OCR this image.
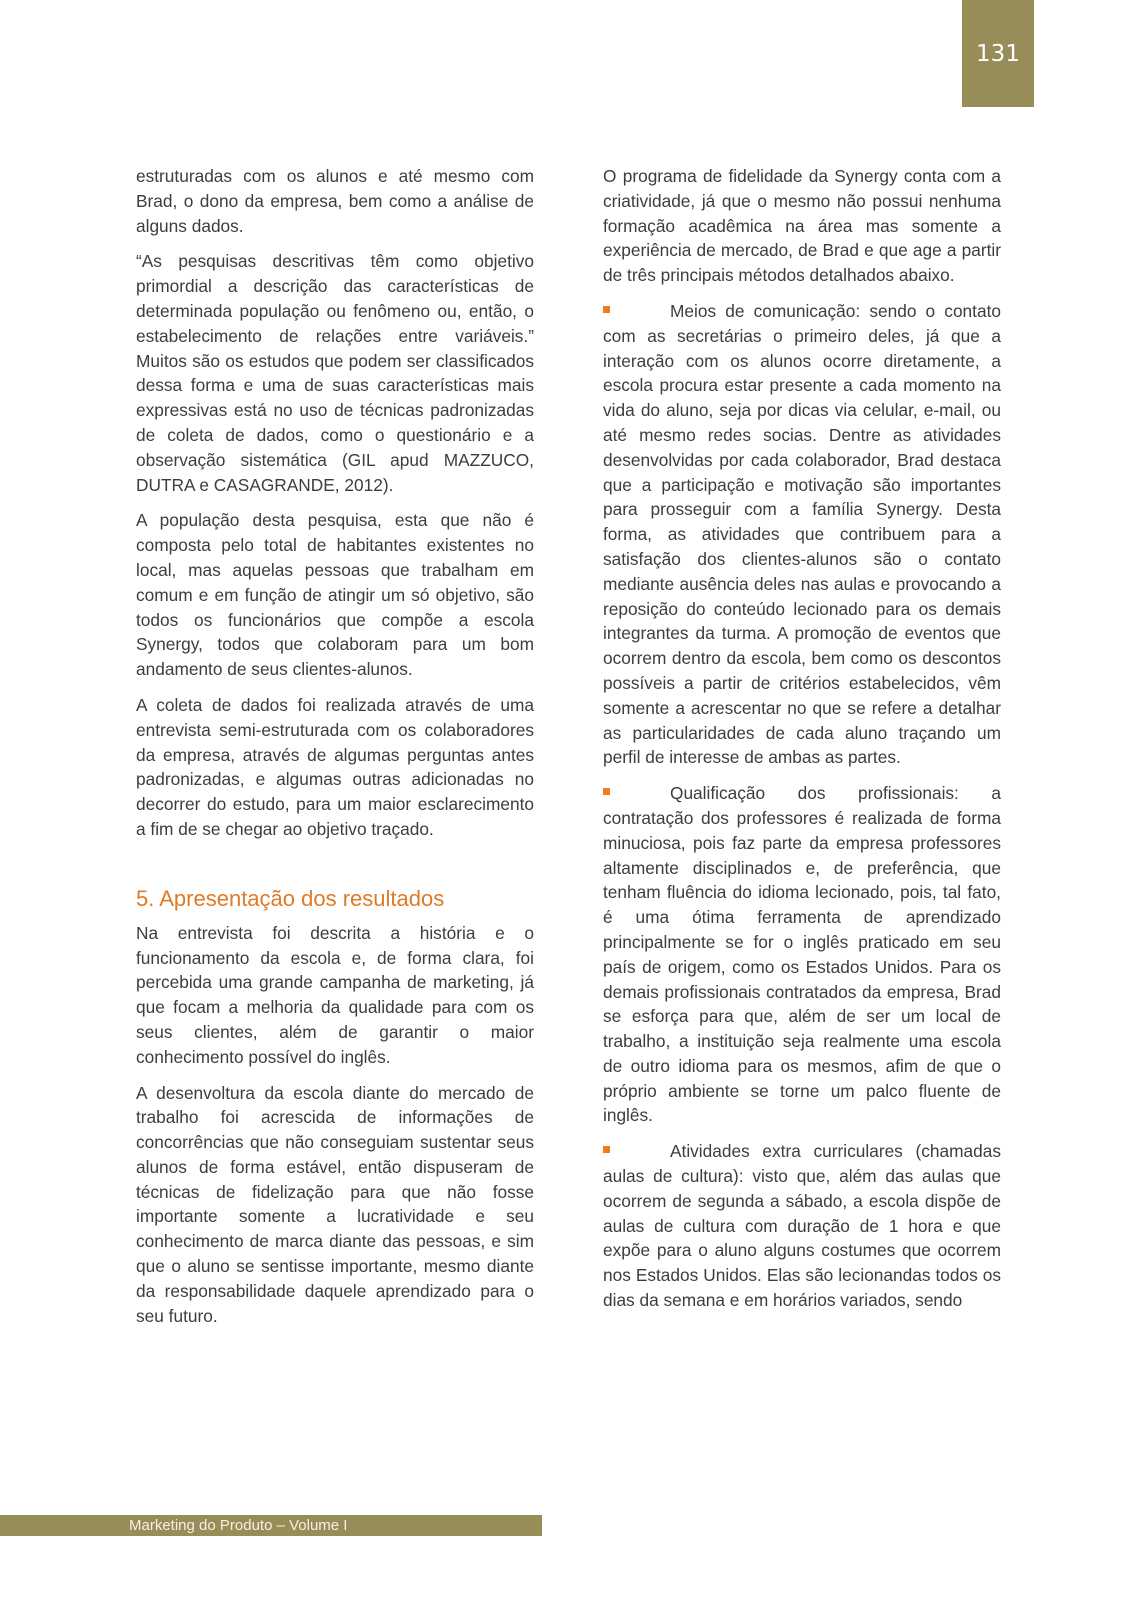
131

estruturadas com os alunos e até mesmo com Brad, o dono da empresa, bem como a análise de alguns dados.

“As pesquisas descritivas têm como objetivo primordial a descrição das características de determinada população ou fenômeno ou, então, o estabelecimento de relações entre variáveis.” Muitos são os estudos que podem ser classificados dessa forma e uma de suas características mais expressivas está no uso de técnicas padronizadas de coleta de dados, como o questionário e a observação sistemática (GIL apud MAZZUCO, DUTRA e CASAGRANDE, 2012).

A população desta pesquisa, esta que não é composta pelo total de habitantes existentes no local, mas aquelas pessoas que trabalham em comum e em função de atingir um só objetivo, são todos os funcionários que compõe a escola Synergy, todos que colaboram para um bom andamento de seus clientes-alunos.

A coleta de dados foi realizada através de uma entrevista semi-estruturada com os colaboradores da empresa, através de algumas perguntas antes padronizadas, e algumas outras adicionadas no decorrer do estudo, para um maior esclarecimento a fim de se chegar ao objetivo traçado.

5. Apresentação dos resultados

Na entrevista foi descrita a história e o funcionamento da escola e, de forma clara, foi percebida uma grande campanha de marketing, já que focam a melhoria da qualidade para com os seus clientes, além de garantir o maior conhecimento possível do inglês.

A desenvoltura da escola diante do mercado de trabalho foi acrescida de informações de concorrências que não conseguiam sustentar seus alunos de forma estável, então dispuseram de técnicas de fidelização para que não fosse importante somente a lucratividade e seu conhecimento de marca diante das pessoas, e sim que o aluno se sentisse importante, mesmo diante da responsabilidade daquele aprendizado para o seu futuro.

O programa de fidelidade da Synergy conta com a criatividade, já que o mesmo não possui nenhuma formação acadêmica na área mas somente a experiência de mercado, de Brad e que age a partir de três principais métodos detalhados abaixo.

Meios de comunicação: sendo o contato com as secretárias o primeiro deles, já que a interação com os alunos ocorre diretamente, a escola procura estar presente a cada momento na vida do aluno, seja por dicas via celular, e-mail, ou até mesmo redes socias. Dentre as atividades desenvolvidas por cada colaborador, Brad destaca que a participação e motivação são importantes para prosseguir com a família Synergy. Desta forma, as atividades que contribuem para a satisfação dos clientes-alunos são o contato mediante ausência deles nas aulas e provocando a reposição do conteúdo lecionado para os demais integrantes da turma. A promoção de eventos que ocorrem dentro da escola, bem como os descontos possíveis a partir de critérios estabelecidos, vêm somente a acrescentar no que se refere a detalhar as particularidades de cada aluno traçando um perfil de interesse de ambas as partes.

Qualificação dos profissionais: a contratação dos professores é realizada de forma minuciosa, pois faz parte da empresa professores altamente disciplinados e, de preferência, que tenham fluência do idioma lecionado, pois, tal fato, é uma ótima ferramenta de aprendizado principalmente se for o inglês praticado em seu país de origem, como os Estados Unidos. Para os demais profissionais contratados da empresa, Brad se esforça para que, além de ser um local de trabalho, a instituição seja realmente uma escola de outro idioma para os mesmos, afim de que o próprio ambiente se torne um palco fluente de inglês.

Atividades extra curriculares (chamadas aulas de cultura): visto que, além das aulas que ocorrem de segunda a sábado, a escola dispõe de aulas de cultura com duração de 1 hora e que expõe para o aluno alguns costumes que ocorrem nos Estados Unidos. Elas são lecionandas todos os dias da semana e em horários variados, sendo

Marketing do Produto – Volume I
